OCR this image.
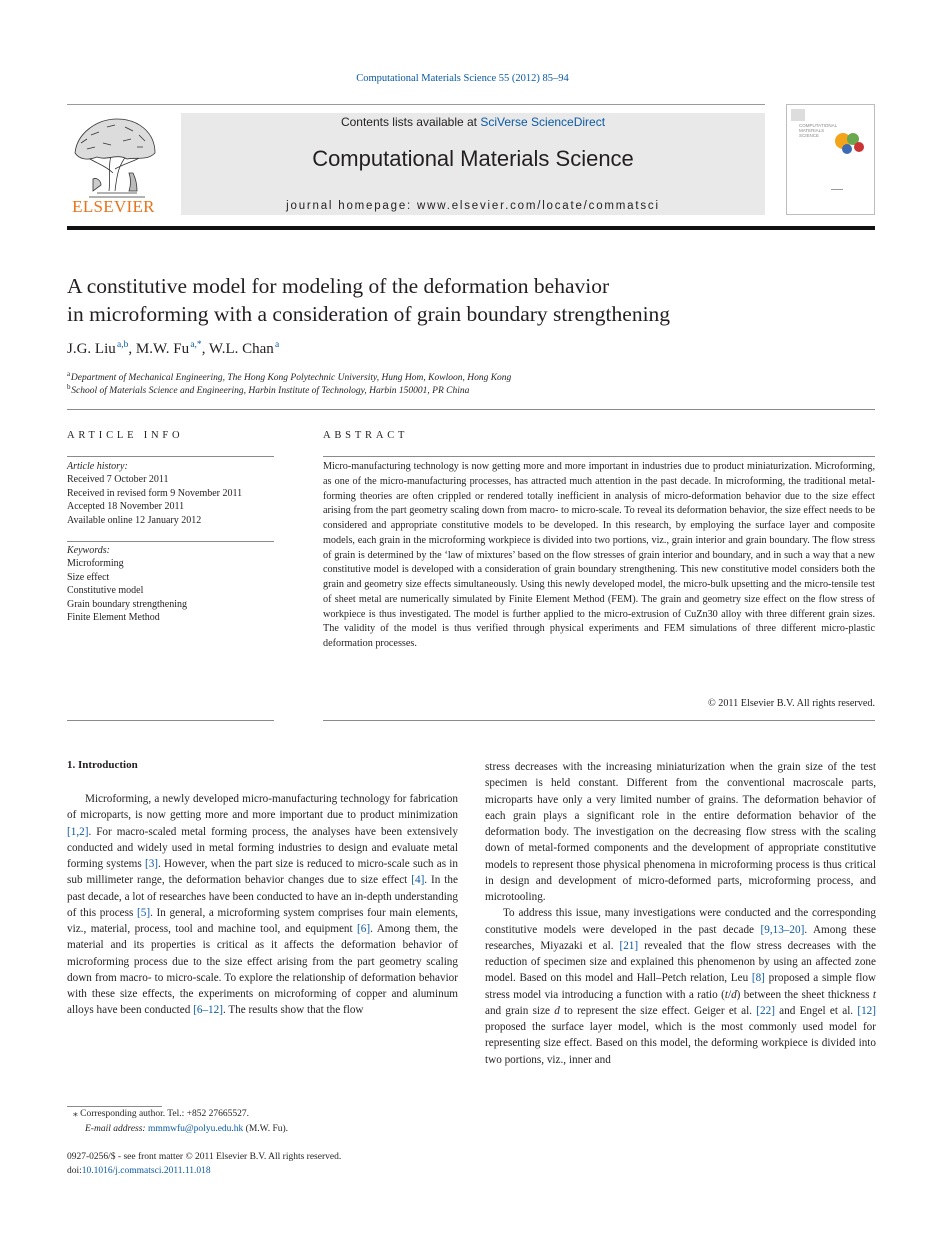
Computational Materials Science 55 (2012) 85–94
ELSEVIER
Contents lists available at SciVerse ScienceDirect
Computational Materials Science
journal homepage: www.elsevier.com/locate/commatsci
COMPUTATIONAL MATERIALS SCIENCE
A constitutive model for modeling of the deformation behavior
in microforming with a consideration of grain boundary strengthening
J.G. Liu $^{a,b}$, M.W. Fu $^{a,*}$, W.L. Chan $^a$
$^a$ Department of Mechanical Engineering, The Hong Kong Polytechnic University, Hung Hom, Kowloon, Hong Kong
$^b$ School of Materials Science and Engineering, Harbin Institute of Technology, Harbin 150001, PR China
ARTICLE INFO
Article history:
Received 7 October 2011
Received in revised form 9 November 2011
Accepted 18 November 2011
Available online 12 January 2012
Keywords:
Microforming
Size effect
Constitutive model
Grain boundary strengthening
Finite Element Method
ABSTRACT
Micro-manufacturing technology is now getting more and more important in industries due to product miniaturization. Microforming, as one of the micro-manufacturing processes, has attracted much attention in the past decade. In microforming, the traditional metal-forming theories are often crippled or rendered totally inefficient in analysis of micro-deformation behavior due to the size effect arising from the part geometry scaling down from macro- to micro-scale. To reveal its deformation behavior, the size effect needs to be considered and appropriate constitutive models to be developed. In this research, by employing the surface layer and composite models, each grain in the microforming workpiece is divided into two portions, viz., grain interior and grain boundary. The flow stress of grain is determined by the ‘law of mixtures’ based on the flow stresses of grain interior and boundary, and in such a way that a new constitutive model is developed with a consideration of grain boundary strengthening. This new constitutive model considers both the grain and geometry size effects simultaneously. Using this newly developed model, the micro-bulk upsetting and the micro-tensile test of sheet metal are numerically simulated by Finite Element Method (FEM). The grain and geometry size effect on the flow stress of workpiece is thus investigated. The model is further applied to the micro-extrusion of CuZn30 alloy with three different grain sizes. The validity of the model is thus verified through physical experiments and FEM simulations of three different micro-plastic deformation processes.
© 2011 Elsevier B.V. All rights reserved.
1. Introduction

Microforming, a newly developed micro-manufacturing technology for fabrication of microparts, is now getting more and more important due to product minimization [1,2]. For macro-scaled metal forming process, the analyses have been extensively conducted and widely used in metal forming industries to design and evaluate metal forming systems [3]. However, when the part size is reduced to micro-scale such as in sub millimeter range, the deformation behavior changes due to size effect [4]. In the past decade, a lot of researches have been conducted to have an in-depth understanding of this process [5]. In general, a microforming system comprises four main elements, viz., material, process, tool and machine tool, and equipment [6]. Among them, the material and its properties is critical as it affects the deformation behavior of microforming process due to the size effect arising from the part geometry scaling down from macro- to micro-scale. To explore the relationship of deformation behavior with these size effects, the experiments on microforming of copper and aluminum alloys have been conducted [6–12]. The results show that the flow

stress decreases with the increasing miniaturization when the grain size of the test specimen is held constant. Different from the conventional macroscale parts, microparts have only a very limited number of grains. The deformation behavior of each grain plays a significant role in the entire deformation behavior of the deformation body. The investigation on the decreasing flow stress with the scaling down of metal-formed components and the development of appropriate constitutive models to represent those physical phenomena in microforming process is thus critical in design and development of micro-deformed parts, microforming process, and microtooling.

To address this issue, many investigations were conducted and the corresponding constitutive models were developed in the past decade [9,13–20]. Among these researches, Miyazaki et al. [21] revealed that the flow stress decreases with the reduction of specimen size and explained this phenomenon by using an affected zone model. Based on this model and Hall–Petch relation, Leu [8] proposed a simple flow stress model via introducing a function with a ratio (t/d) between the sheet thickness t and grain size d to represent the size effect. Geiger et al. [22] and Engel et al. [12] proposed the surface layer model, which is the most commonly used model for representing size effect. Based on this model, the deforming workpiece is divided into two portions, viz., inner and

⁎ Corresponding author. Tel.: +852 27665527.
E-mail address: mmmwfu@polyu.edu.hk (M.W. Fu).
0927-0256/$ - see front matter © 2011 Elsevier B.V. All rights reserved.
doi:10.1016/j.commatsci.2011.11.018
